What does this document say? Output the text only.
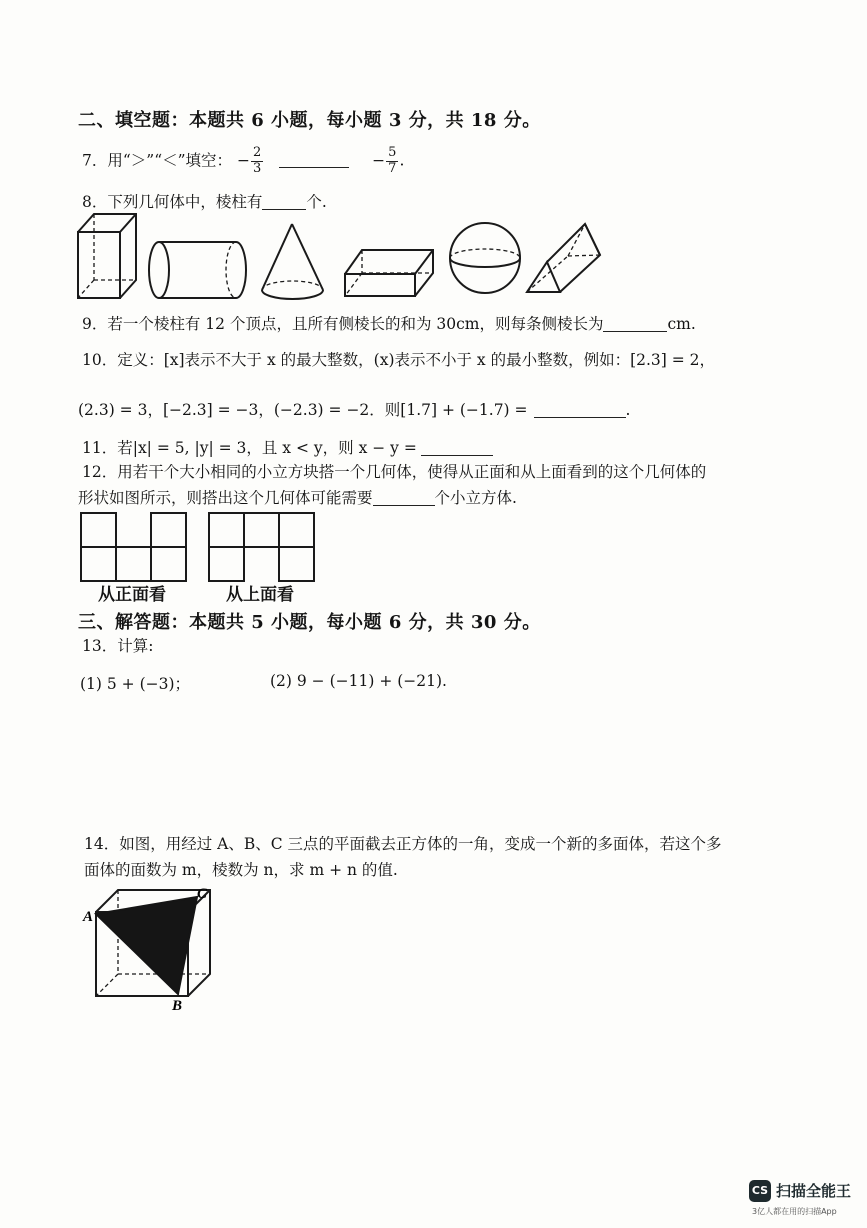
二、填空题：本题共 6 小题，每小题 3 分，共 18 分。
7．用“＞”“＜”填空： − $\frac{2}{3}$	− $\frac{5}{7}$ .
8．下列几何体中，棱柱有	个.
9．若一个棱柱有 12 个顶点，且所有侧棱长的和为 30cm，则每条侧棱长为	cm.
10．定义：[x]表示不大于 x 的最大整数，(x)表示不小于 x 的最小整数，例如：[2.3] = 2，
(2.3) = 3，[−2.3] = −3，(−2.3) = −2．则[1.7] + (−1.7) =	.
11．若|x| = 5, |y| = 3，且 x < y，则 x − y =
12．用若干个大小相同的小立方块搭一个几何体，使得从正面和从上面看到的这个几何体的
形状如图所示，则搭出这个几何体可能需要	个小立方体.

从正面看

			从上面看
三、解答题：本题共 5 小题，每小题 6 分，共 30 分。
13．计算:
(1) 5 + (−3)；	(2) 9 − (−11) + (−21).
14．如图，用经过 A、B、C 三点的平面截去正方体的一角，变成一个新的多面体，若这个多
面体的面数为 m，棱数为 n，求 m + n 的值.
A
C
B
CS 扫描全能王
3亿人都在用的扫描App
